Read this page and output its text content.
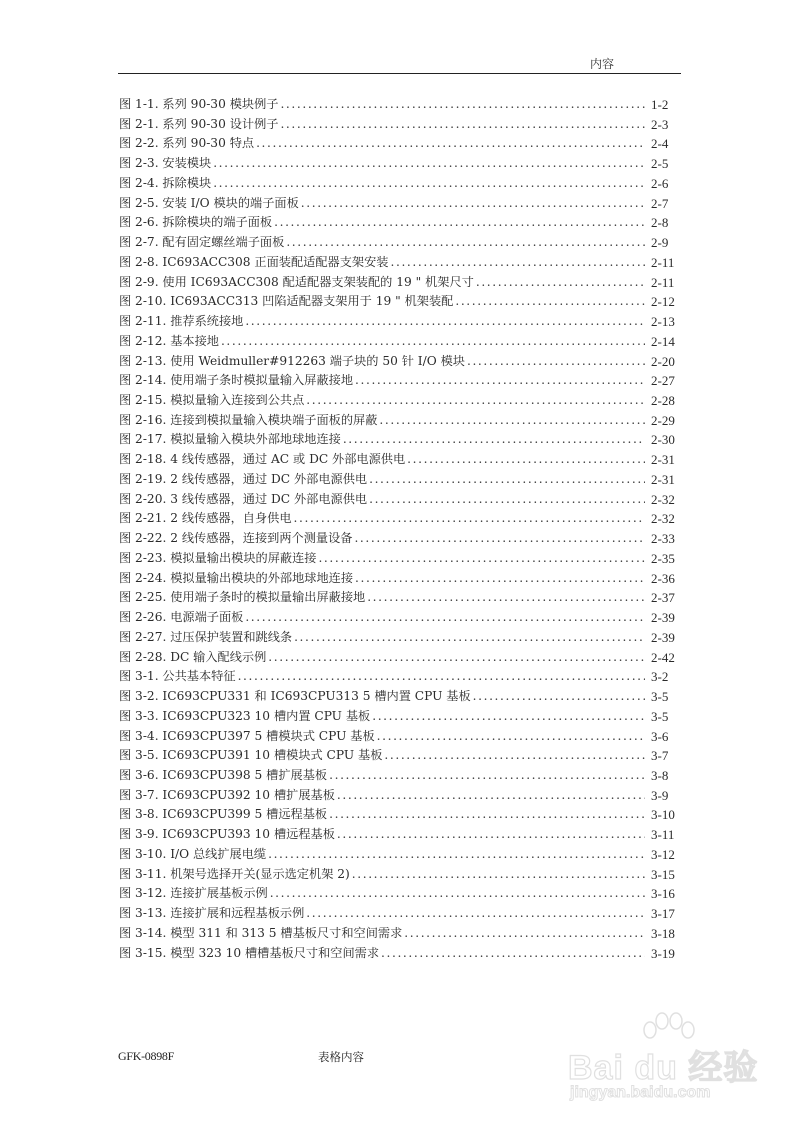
内容
图 1-1. 系列 90-30 模块例子 .....	1-2
图 2-1. 系列 90-30 设计例子 .....	2-3
图 2-2. 系列 90-30 特点 .....	2-4
图 2-3. 安装模块 .....	2-5
图 2-4. 拆除模块 .....	2-6
图 2-5. 安装 I/O 模块的端子面板 .....	2-7
图 2-6. 拆除模块的端子面板 .....	2-8
图 2-7. 配有固定螺丝端子面板 .....	2-9
图 2-8. IC693ACC308 正面装配适配器支架安装 .....	2-11
图 2-9. 使用 IC693ACC308 配适配器支架装配的 19 " 机架尺寸 .....	2-11
图 2-10. IC693ACC313 凹陷适配器支架用于 19 " 机架装配 .....	2-12
图 2-11. 推荐系统接地 .....	2-13
图 2-12. 基本接地 .....	2-14
图 2-13. 使用 Weidmuller#912263 端子块的 50 针 I/O 模块 .....	2-20
图 2-14. 使用端子条时模拟量输入屏蔽接地 .....	2-27
图 2-15. 模拟量输入连接到公共点 .....	2-28
图 2-16. 连接到模拟量输入模块端子面板的屏蔽 .....	2-29
图 2-17. 模拟量输入模块外部地球地连接 .....	2-30
图 2-18. 4 线传感器，通过 AC 或 DC 外部电源供电 .....	2-31
图 2-19. 2 线传感器，通过 DC 外部电源供电 .....	2-31
图 2-20. 3 线传感器，通过 DC 外部电源供电 .....	2-32
图 2-21. 2 线传感器，自身供电 .....	2-32
图 2-22. 2 线传感器，连接到两个测量设备 .....	2-33
图 2-23. 模拟量输出模块的屏蔽连接 .....	2-35
图 2-24. 模拟量输出模块的外部地球地连接 .....	2-36
图 2-25. 使用端子条时的模拟量输出屏蔽接地 .....	2-37
图 2-26. 电源端子面板 .....	2-39
图 2-27. 过压保护装置和跳线条 .....	2-39
图 2-28. DC 输入配线示例 .....	2-42
图 3-1. 公共基本特征 .....	3-2
图 3-2. IC693CPU331 和 IC693CPU313 5 槽内置 CPU 基板 .....	3-5
图 3-3. IC693CPU323 10 槽内置 CPU 基板 .....	3-5
图 3-4. IC693CPU397 5 槽模块式 CPU 基板 .....	3-6
图 3-5. IC693CPU391 10 槽模块式 CPU 基板 .....	3-7
图 3-6. IC693CPU398 5 槽扩展基板 .....	3-8
图 3-7. IC693CPU392 10 槽扩展基板 .....	3-9
图 3-8. IC693CPU399 5 槽远程基板 .....	3-10
图 3-9. IC693CPU393 10 槽远程基板 .....	3-11
图 3-10. I/O 总线扩展电缆 .....	3-12
图 3-11. 机架号选择开关(显示选定机架 2) .....	3-15
图 3-12. 连接扩展基板示例 .....	3-16
图 3-13. 连接扩展和远程基板示例 .....	3-17
图 3-14. 模型 311 和 313 5 槽基板尺寸和空间需求 .....	3-18
图 3-15. 模型 323 10 槽槽基板尺寸和空间需求 .....	3-19
GFK-0898F	表格内容	Bai du 经验
jingyan.baidu.com
